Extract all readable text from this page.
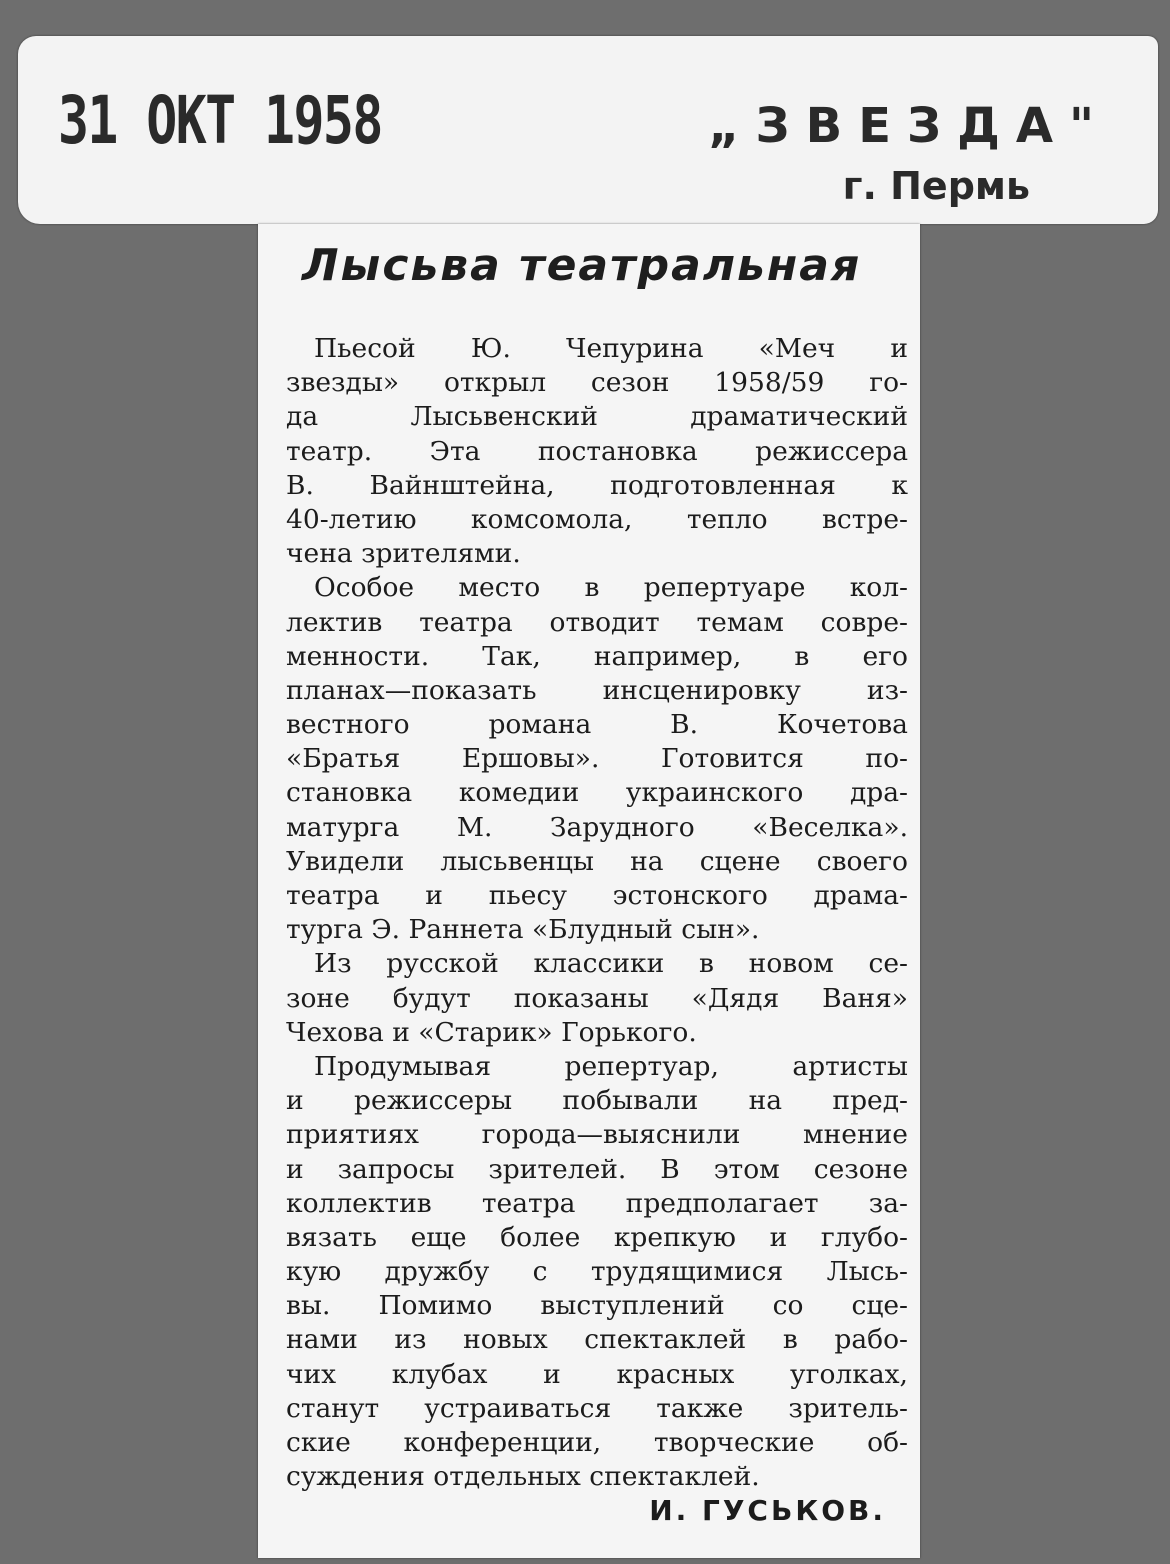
31 ОКТ 1958	„ЗВЕЗДА"
г. Пермь
Лысьва театральная
Пьесой Ю. Чепурина «Меч и
звезды» открыл сезон 1958/59 го-
да Лысьвенский драматический
театр. Эта постановка режиссера
В. Вайнштейна, подготовленная к
40-летию комсомола, тепло встре-
чена зрителями.
Особое место в репертуаре кол-
лектив театра отводит темам совре-
менности. Так, например, в его
планах—показать инсценировку из-
вестного романа В. Кочетова
«Братья Ершовы». Готовится по-
становка комедии украинского дра-
матурга М. Зарудного «Веселка».
Увидели лысьвенцы на сцене своего
театра и пьесу эстонского драма-
турга Э. Раннета «Блудный сын».
Из русской классики в новом се-
зоне будут показаны «Дядя Ваня»
Чехова и «Старик» Горького.
Продумывая репертуар, артисты
и режиссеры побывали на пред-
приятиях города—выяснили мнение
и запросы зрителей. В этом сезоне
коллектив театра предполагает за-
вязать еще более крепкую и глубо-
кую дружбу с трудящимися Лысь-
вы. Помимо выступлений со сце-
нами из новых спектаклей в рабо-
чих клубах и красных уголках,
станут устраиваться также зритель-
ские конференции, творческие об-
суждения отдельных спектаклей.
И. ГУСЬКОВ.
